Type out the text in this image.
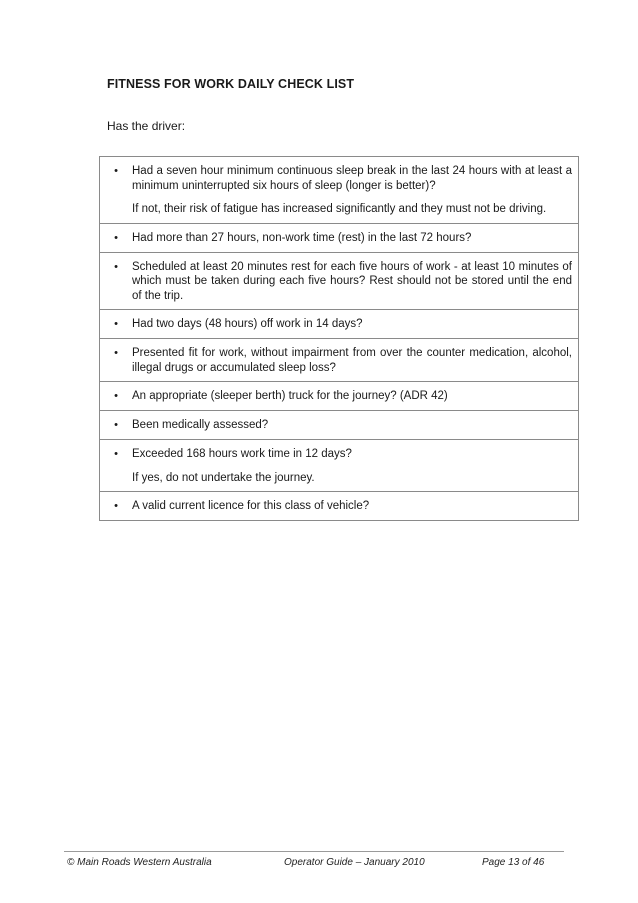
FITNESS FOR WORK DAILY CHECK LIST
Has the driver:
•	Had a seven hour minimum continuous sleep break in the last 24 hours with at least a minimum uninterrupted six hours of sleep (longer is better)?

If not, their risk of fatigue has increased significantly and they must not be driving.

•	Had more than 27 hours, non-work time (rest) in the last 72 hours?

•	Scheduled at least 20 minutes rest for each five hours of work - at least 10 minutes of which must be taken during each five hours? Rest should not be stored until the end of the trip.

•	Had two days (48 hours) off work in 14 days?

•	Presented fit for work, without impairment from over the counter medication, alcohol, illegal drugs or accumulated sleep loss?

•	An appropriate (sleeper berth) truck for the journey? (ADR 42)

•	Been medically assessed?

•	Exceeded 168 hours work time in 12 days?

If yes, do not undertake the journey.

•	A valid current licence for this class of vehicle?

© Main Roads Western Australia	Operator Guide – January 2010	Page 13 of 46
